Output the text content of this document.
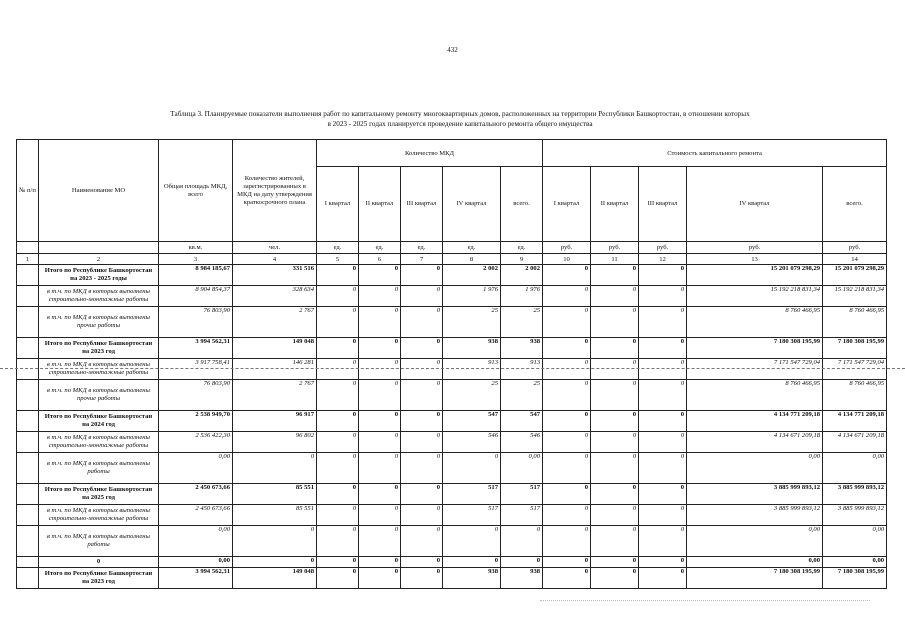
432
Таблица 3. Планируемые показатели выполнения работ по капитальному ремонту многоквартирных домов, расположенных на территории Республики Башкортостан, в отношении которых
в 2023 - 2025 годах планируется проведение капитального ремонта общего имущества
№ п/п	Наименование МО	Общая площадь МКД, всего	Количество жителей, зарегистрированных в МКД на дату утверждения краткосрочного плана	Количество МКД					Стоимость капитального ремонта				
				I квартал	II квартал	III квартал	IV квартал	всего.	I квартал	II квартал	III квартал	IV квартал	всего.
		кв.м.	чел.	ед.	ед.	ед.	ед.	ед.	руб.	руб.	руб.	руб.	руб.
1	2	3	4	5	6	7	8	9	10	11	12	13	14
	Итого по Республике Башкортостан на 2023 - 2025 годы	8 984 185,67	331 516	0	0	0	2 002	2 002	0	0	0	15 201 079 298,29	15 201 079 298,29
	в т.ч. по МКД в которых выполнены строительно-монтажные работы	8 904 854,37	328 634	0	0	0	1 976	1 976	0	0	0	15 192 218 831,34	15 192 218 831,34
	в т.ч. по МКД в которых выполнены прочие работы	76 803,90	2 767	0	0	0	25	25	0	0	0	8 760 466,95	8 760 466,95
	Итого по Республике Башкортостан на 2023 год	3 994 562,31	149 048	0	0	0	938	938	0	0	0	7 180 308 195,99	7 180 308 195,99
	в т.ч. по МКД в которых выполнены строительно-монтажные работы	3 917 758,41	146 281	0	0	0	913	913	0	0	0	7 171 547 729,04	7 171 547 729,04
	в т.ч. по МКД в которых выполнены прочие работы	76 803,90	2 767	0	0	0	25	25	0	0	0	8 760 466,95	8 760 466,95
	Итого по Республике Башкортостан на 2024 год	2 538 949,70	96 917	0	0	0	547	547	0	0	0	4 134 771 209,18	4 134 771 209,18
	в т.ч. по МКД в которых выполнены строительно-монтажные работы	2 536 422,30	96 802	0	0	0	546	546	0	0	0	4 134 671 209,18	4 134 671 209,18
	в т.ч. по МКД в которых выполнены работы	0,00	0	0	0	0	0	0,00	0	0	0	0,00	0,00
	Итого по Республике Башкортостан на 2025 год	2 450 673,66	85 551	0	0	0	517	517	0	0	0	3 885 999 893,12	3 885 999 893,12
	в т.ч. по МКД в которых выполнены строительно-монтажные работы	2 450 673,66	85 551	0	0	0	517	517	0	0	0	3 885 999 893,12	3 885 999 893,12
	в т.ч. по МКД в которых выполнены работы	0,00	0	0	0	0	0	0	0	0	0	0,00	0,00
	0	0,00	0	0	0	0	0	0	0	0	0	0,00	0,00
	Итого по Республике Башкортостан на 2023 год	3 994 562,31	149 048	0	0	0	938	938	0	0	0	7 180 308 195,99	7 180 308 195,99
